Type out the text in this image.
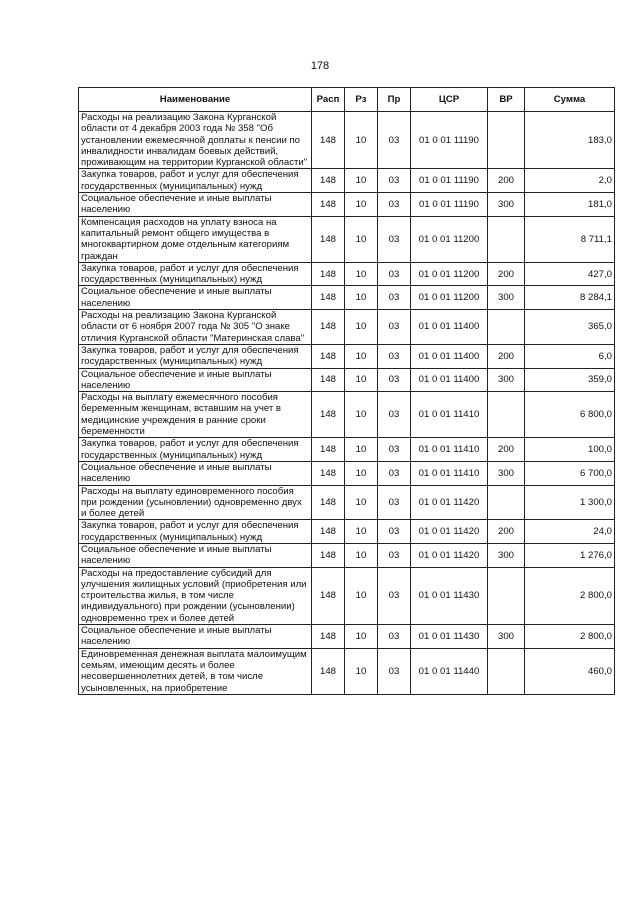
178
Наименование	Расп	Рз	Пр	ЦСР	ВР	Сумма
Расходы на реализацию Закона Курганской области от 4 декабря 2003 года № 358 "Об установлении ежемесячной доплаты к пенсии по инвалидности инвалидам боевых действий, проживающим на территории Курганской области"	148	10	03	01 0 01 11190		183,0
Закупка товаров, работ и услуг для обеспечения государственных (муниципальных) нужд	148	10	03	01 0 01 11190	200	2,0
Социальное обеспечение и иные выплаты населению	148	10	03	01 0 01 11190	300	181,0
Компенсация расходов на уплату взноса на капитальный ремонт общего имущества в многоквартирном доме отдельным категориям граждан	148	10	03	01 0 01 11200		8 711,1
Закупка товаров, работ и услуг для обеспечения государственных (муниципальных) нужд	148	10	03	01 0 01 11200	200	427,0
Социальное обеспечение и иные выплаты населению	148	10	03	01 0 01 11200	300	8 284,1
Расходы на реализацию Закона Курганской области от 6 ноября 2007 года № 305 "О знаке отличия Курганской области "Материнская слава"	148	10	03	01 0 01 11400		365,0
Закупка товаров, работ и услуг для обеспечения государственных (муниципальных) нужд	148	10	03	01 0 01 11400	200	6,0
Социальное обеспечение и иные выплаты населению	148	10	03	01 0 01 11400	300	359,0
Расходы на выплату ежемесячного пособия беременным женщинам, вставшим на учет в медицинские учреждения в ранние сроки беременности	148	10	03	01 0 01 11410		6 800,0
Закупка товаров, работ и услуг для обеспечения государственных (муниципальных) нужд	148	10	03	01 0 01 11410	200	100,0
Социальное обеспечение и иные выплаты населению	148	10	03	01 0 01 11410	300	6 700,0
Расходы на выплату единовременного пособия при рождении (усыновлении) одновременно двух и более детей	148	10	03	01 0 01 11420		1 300,0
Закупка товаров, работ и услуг для обеспечения государственных (муниципальных) нужд	148	10	03	01 0 01 11420	200	24,0
Социальное обеспечение и иные выплаты населению	148	10	03	01 0 01 11420	300	1 276,0
Расходы на предоставление субсидий для улучшения жилищных условий (приобретения или строительства жилья, в том числе индивидуального) при рождении (усыновлении) одновременно трех и более детей	148	10	03	01 0 01 11430		2 800,0
Социальное обеспечение и иные выплаты населению	148	10	03	01 0 01 11430	300	2 800,0
Единовременная денежная выплата малоимущим семьям, имеющим десять и более несовершеннолетних детей, в том числе усыновленных, на приобретение	148	10	03	01 0 01 11440		460,0
